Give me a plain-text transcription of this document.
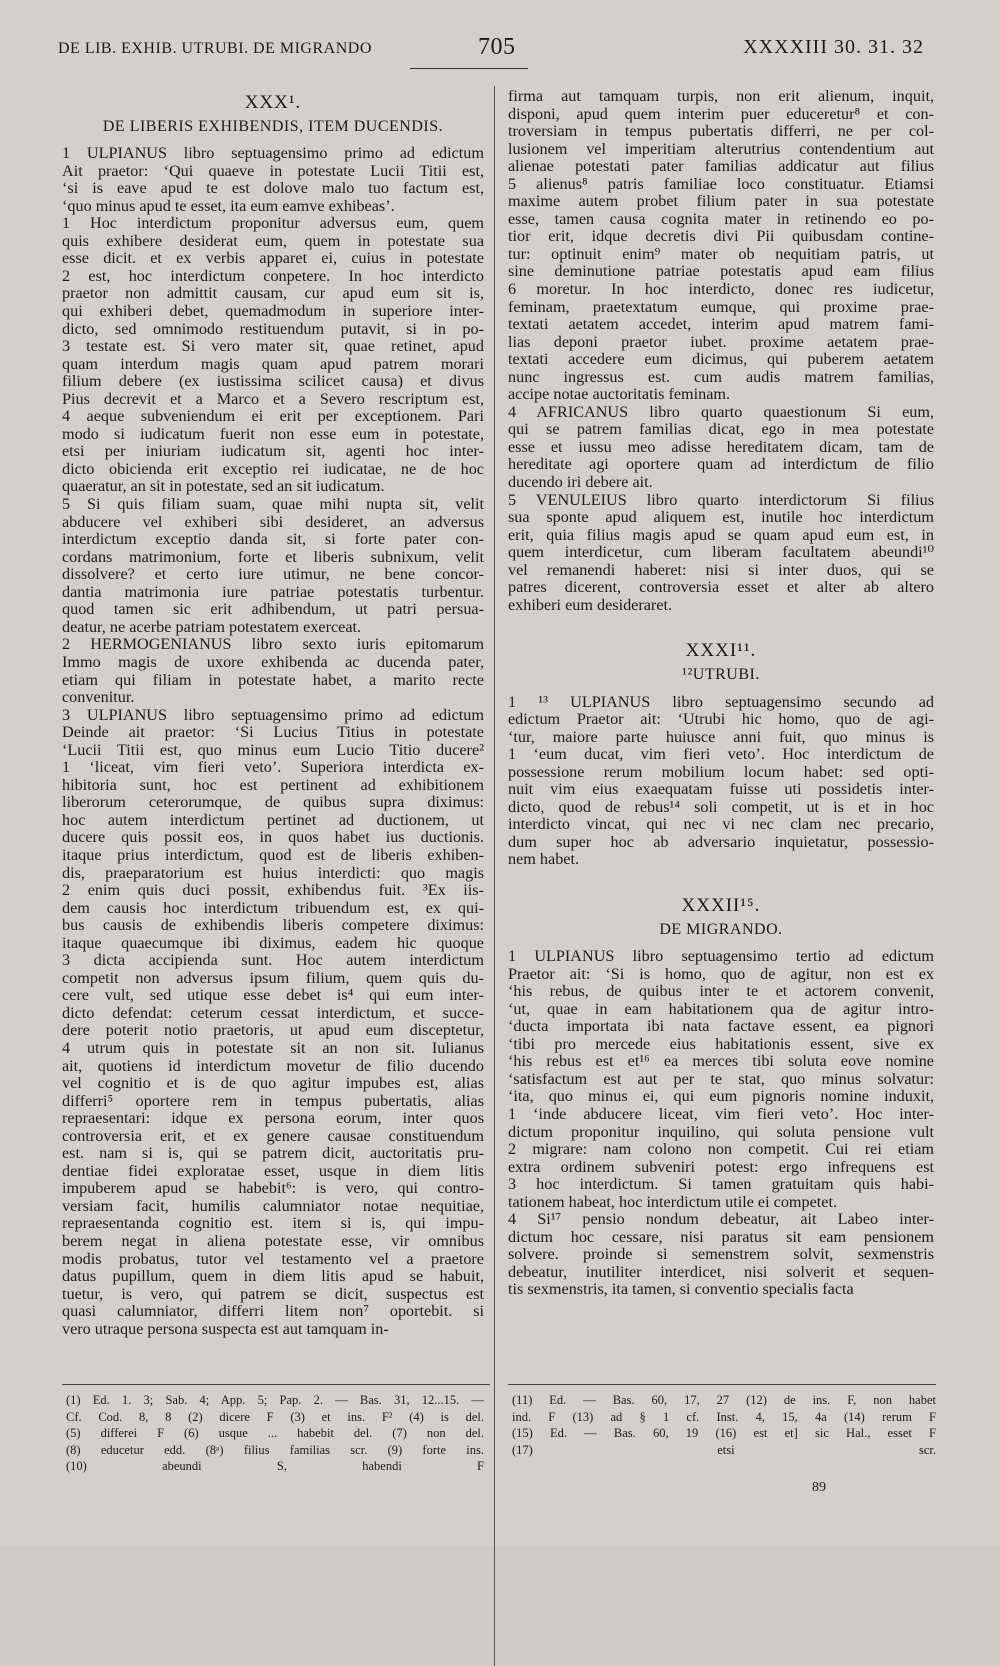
DE LIB. EXHIB. UTRUBI. DE MIGRANDO	705	XXXXIII 30. 31. 32
XXX¹.
DE LIBERIS EXHIBENDIS, ITEM DUCENDIS.
1 ULPIANUS libro septuagensimo primo ad edictum
Ait praetor: ‘Qui quaeve in potestate Lucii Titii est,
‘si is eave apud te est dolove malo tuo factum est,
‘quo minus apud te esset, ita eum eamve exhibeas’.
1 Hoc interdictum proponitur adversus eum, quem
quis exhibere desiderat eum, quem in potestate sua
esse dicit. et ex verbis apparet ei, cuius in potestate
2 est, hoc interdictum conpetere. In hoc interdicto
praetor non admittit causam, cur apud eum sit is,
qui exhiberi debet, quemadmodum in superiore inter-
dicto, sed omnimodo restituendum putavit, si in po-
3 testate est. Si vero mater sit, quae retinet, apud
quam interdum magis quam apud patrem morari
filium debere (ex iustissima scilicet causa) et divus
Pius decrevit et a Marco et a Severo rescriptum est,
4 aeque subveniendum ei erit per exceptionem. Pari
modo si iudicatum fuerit non esse eum in potestate,
etsi per iniuriam iudicatum sit, agenti hoc inter-
dicto obicienda erit exceptio rei iudicatae, ne de hoc
quaeratur, an sit in potestate, sed an sit iudicatum.
5 Si quis filiam suam, quae mihi nupta sit, velit
abducere vel exhiberi sibi desideret, an adversus
interdictum exceptio danda sit, si forte pater con-
cordans matrimonium, forte et liberis subnixum, velit
dissolvere? et certo iure utimur, ne bene concor-
dantia matrimonia iure patriae potestatis turbentur.
quod tamen sic erit adhibendum, ut patri persua-
deatur, ne acerbe patriam potestatem exerceat.
2 HERMOGENIANUS libro sexto iuris epitomarum
Immo magis de uxore exhibenda ac ducenda pater,
etiam qui filiam in potestate habet, a marito recte
convenitur.
3 ULPIANUS libro septuagensimo primo ad edictum
Deinde ait praetor: ‘Si Lucius Titius in potestate
‘Lucii Titii est, quo minus eum Lucio Titio ducere²
1 ‘liceat, vim fieri veto’. Superiora interdicta ex-
hibitoria sunt, hoc est pertinent ad exhibitionem
liberorum ceterorumque, de quibus supra diximus:
hoc autem interdictum pertinet ad ductionem, ut
ducere quis possit eos, in quos habet ius ductionis.
itaque prius interdictum, quod est de liberis exhiben-
dis, praeparatorium est huius interdicti: quo magis
2 enim quis duci possit, exhibendus fuit. ³Ex iis-
dem causis hoc interdictum tribuendum est, ex qui-
bus causis de exhibendis liberis competere diximus:
itaque quaecumque ibi diximus, eadem hic quoque
3 dicta accipienda sunt. Hoc autem interdictum
competit non adversus ipsum filium, quem quis du-
cere vult, sed utique esse debet is⁴ qui eum inter-
dicto defendat: ceterum cessat interdictum, et succe-
dere poterit notio praetoris, ut apud eum disceptetur,
4 utrum quis in potestate sit an non sit. Iulianus
ait, quotiens id interdictum movetur de filio ducendo
vel cognitio et is de quo agitur impubes est, alias
differri⁵ oportere rem in tempus pubertatis, alias
repraesentari: idque ex persona eorum, inter quos
controversia erit, et ex genere causae constituendum
est. nam si is, qui se patrem dicit, auctoritatis pru-
dentiae fidei exploratae esset, usque in diem litis
impuberem apud se habebit⁶: is vero, qui contro-
versiam facit, humilis calumniator notae nequitiae,
repraesentanda cognitio est. item si is, qui impu-
berem negat in aliena potestate esse, vir omnibus
modis probatus, tutor vel testamento vel a praetore
datus pupillum, quem in diem litis apud se habuit,
tuetur, is vero, qui patrem se dicit, suspectus est
quasi calumniator, differri litem non⁷ oportebit. si
vero utraque persona suspecta est aut tamquam in-
firma aut tamquam turpis, non erit alienum, inquit,
disponi, apud quem interim puer educeretur⁸ et con-
troversiam in tempus pubertatis differri, ne per col-
lusionem vel imperitiam alterutrius contendentium aut
alienae potestati pater familias addicatur aut filius
5 alienus⁸ patris familiae loco constituatur. Etiamsi
maxime autem probet filium pater in sua potestate
esse, tamen causa cognita mater in retinendo eo po-
tior erit, idque decretis divi Pii quibusdam contine-
tur: optinuit enim⁹ mater ob nequitiam patris, ut
sine deminutione patriae potestatis apud eam filius
6 moretur. In hoc interdicto, donec res iudicetur,
feminam, praetextatum eumque, qui proxime prae-
textati aetatem accedet, interim apud matrem fami-
lias deponi praetor iubet. proxime aetatem prae-
textati accedere eum dicimus, qui puberem aetatem
nunc ingressus est. cum audis matrem familias,
accipe notae auctoritatis feminam.
4 AFRICANUS libro quarto quaestionum Si eum,
qui se patrem familias dicat, ego in mea potestate
esse et iussu meo adisse hereditatem dicam, tam de
hereditate agi oportere quam ad interdictum de filio
ducendo iri debere ait.
5 VENULEIUS libro quarto interdictorum Si filius
sua sponte apud aliquem est, inutile hoc interdictum
erit, quia filius magis apud se quam apud eum est, in
quem interdicetur, cum liberam facultatem abeundi¹⁰
vel remanendi haberet: nisi si inter duos, qui se
patres dicerent, controversia esset et alter ab altero
exhiberi eum desideraret.
XXXI¹¹.
¹²UTRUBI.
1 ¹³ ULPIANUS libro septuagensimo secundo ad
edictum Praetor ait: ‘Utrubi hic homo, quo de agi-
‘tur, maiore parte huiusce anni fuit, quo minus is
1 ‘eum ducat, vim fieri veto’. Hoc interdictum de
possessione rerum mobilium locum habet: sed opti-
nuit vim eius exaequatam fuisse uti possidetis inter-
dicto, quod de rebus¹⁴ soli competit, ut is et in hoc
interdicto vincat, qui nec vi nec clam nec precario,
dum super hoc ab adversario inquietatur, possessio-
nem habet.
XXXII¹⁵.
DE MIGRANDO.
1 ULPIANUS libro septuagensimo tertio ad edictum
Praetor ait: ‘Si is homo, quo de agitur, non est ex
‘his rebus, de quibus inter te et actorem convenit,
‘ut, quae in eam habitationem qua de agitur intro-
‘ducta importata ibi nata factave essent, ea pignori
‘tibi pro mercede eius habitationis essent, sive ex
‘his rebus est et¹⁶ ea merces tibi soluta eove nomine
‘satisfactum est aut per te stat, quo minus solvatur:
‘ita, quo minus ei, qui eum pignoris nomine induxit,
1 ‘inde abducere liceat, vim fieri veto’. Hoc inter-
dictum proponitur inquilino, qui soluta pensione vult
2 migrare: nam colono non competit. Cui rei etiam
extra ordinem subveniri potest: ergo infrequens est
3 hoc interdictum. Si tamen gratuitam quis habi-
tationem habeat, hoc interdictum utile ei competet.
4 Si¹⁷ pensio nondum debeatur, ait Labeo inter-
dictum hoc cessare, nisi paratus sit eam pensionem
solvere. proinde si semenstrem solvit, sexmenstris
debeatur, inutiliter interdicet, nisi solverit et sequen-
tis sexmenstris, ita tamen, si conventio specialis facta
(1) Ed. 1. 3; Sab. 4; App. 5; Pap. 2. — Bas. 31, 12...15. —
Cf. Cod. 8, 8 (2) dicere F (3) et ins. F² (4) is del.
(5) differei F (6) usque ... habebit del. (7) non del.
(8) educetur edd. (8ᵃ) filius familias scr. (9) forte ins.
(10) abeundi S, habendi F
(11) Ed. — Bas. 60, 17, 27 (12) de ins. F, non habet
ind. F (13) ad § 1 cf. Inst. 4, 15, 4a (14) rerum F
(15) Ed. — Bas. 60, 19 (16) est et] sic Hal., esset F
(17) etsi scr.
89
